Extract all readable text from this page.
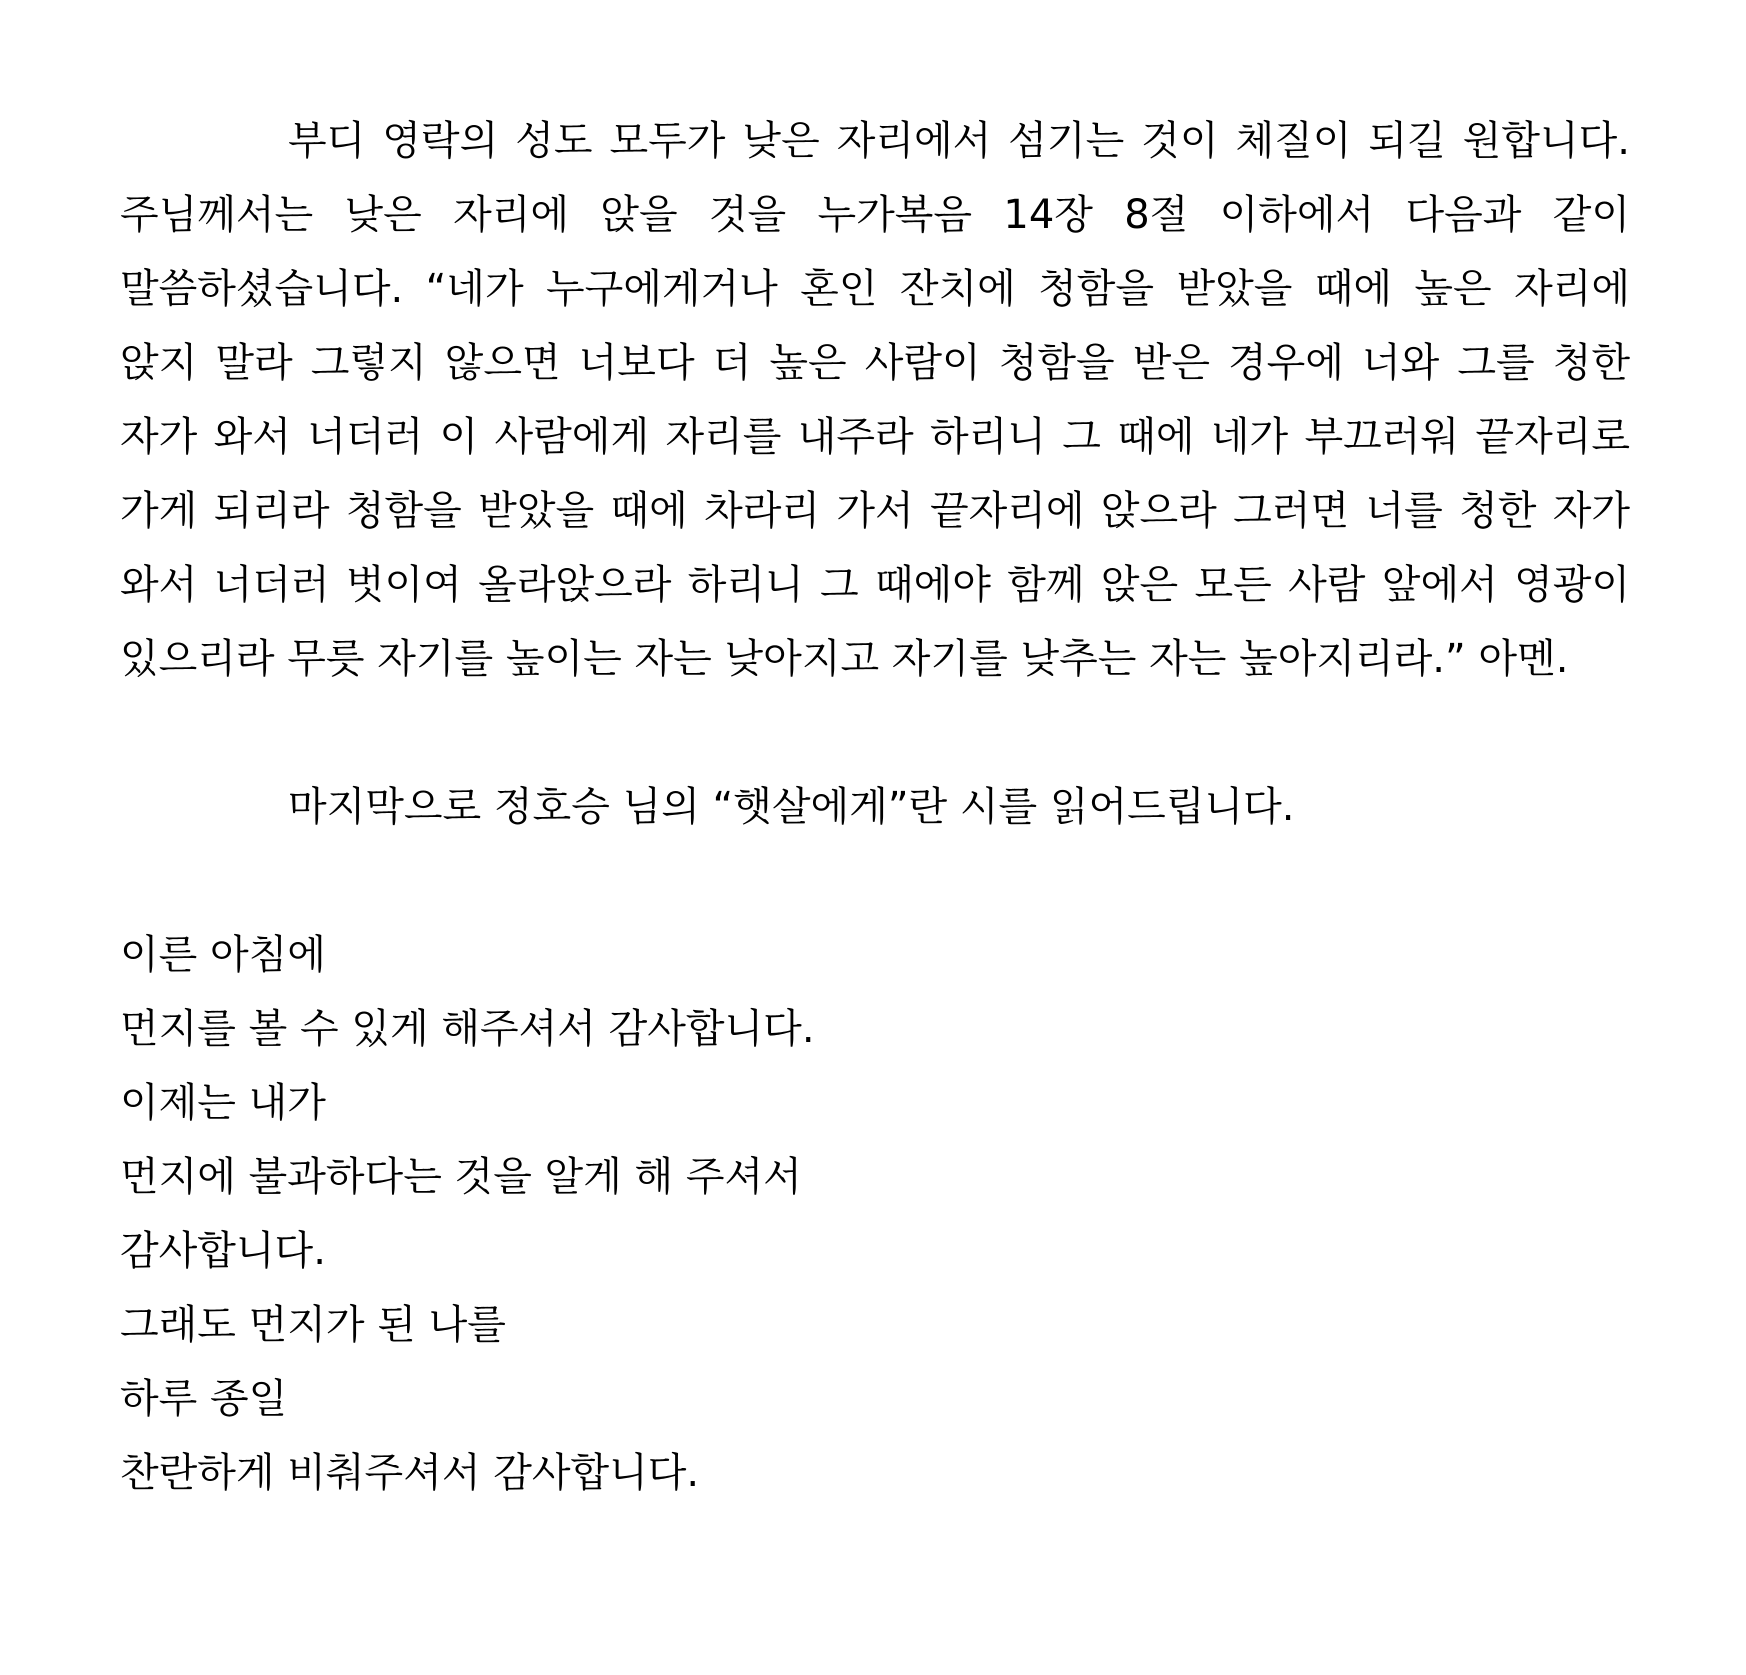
부디 영락의 성도 모두가 낮은 자리에서 섬기는 것이 체질이 되길 원합니다. 주님께서는 낮은 자리에 앉을 것을 누가복음 14장 8절 이하에서 다음과 같이 말씀하셨습니다. “네가 누구에게거나 혼인 잔치에 청함을 받았을 때에 높은 자리에 앉지 말라 그렇지 않으면 너보다 더 높은 사람이 청함을 받은 경우에 너와 그를 청한 자가 와서 너더러 이 사람에게 자리를 내주라 하리니 그 때에 네가 부끄러워 끝자리로 가게 되리라 청함을 받았을 때에 차라리 가서 끝자리에 앉으라 그러면 너를 청한 자가 와서 너더러 벗이여 올라앉으라 하리니 그 때에야 함께 앉은 모든 사람 앞에서 영광이 있으리라 무릇 자기를 높이는 자는 낮아지고 자기를 낮추는 자는 높아지리라.” 아멘.

마지막으로 정호승 님의 “햇살에게”란 시를 읽어드립니다.
이른 아침에
먼지를 볼 수 있게 해주셔서 감사합니다.
이제는 내가
먼지에 불과하다는 것을 알게 해 주셔서
감사합니다.
그래도 먼지가 된 나를
하루 종일
찬란하게 비춰주셔서 감사합니다.
